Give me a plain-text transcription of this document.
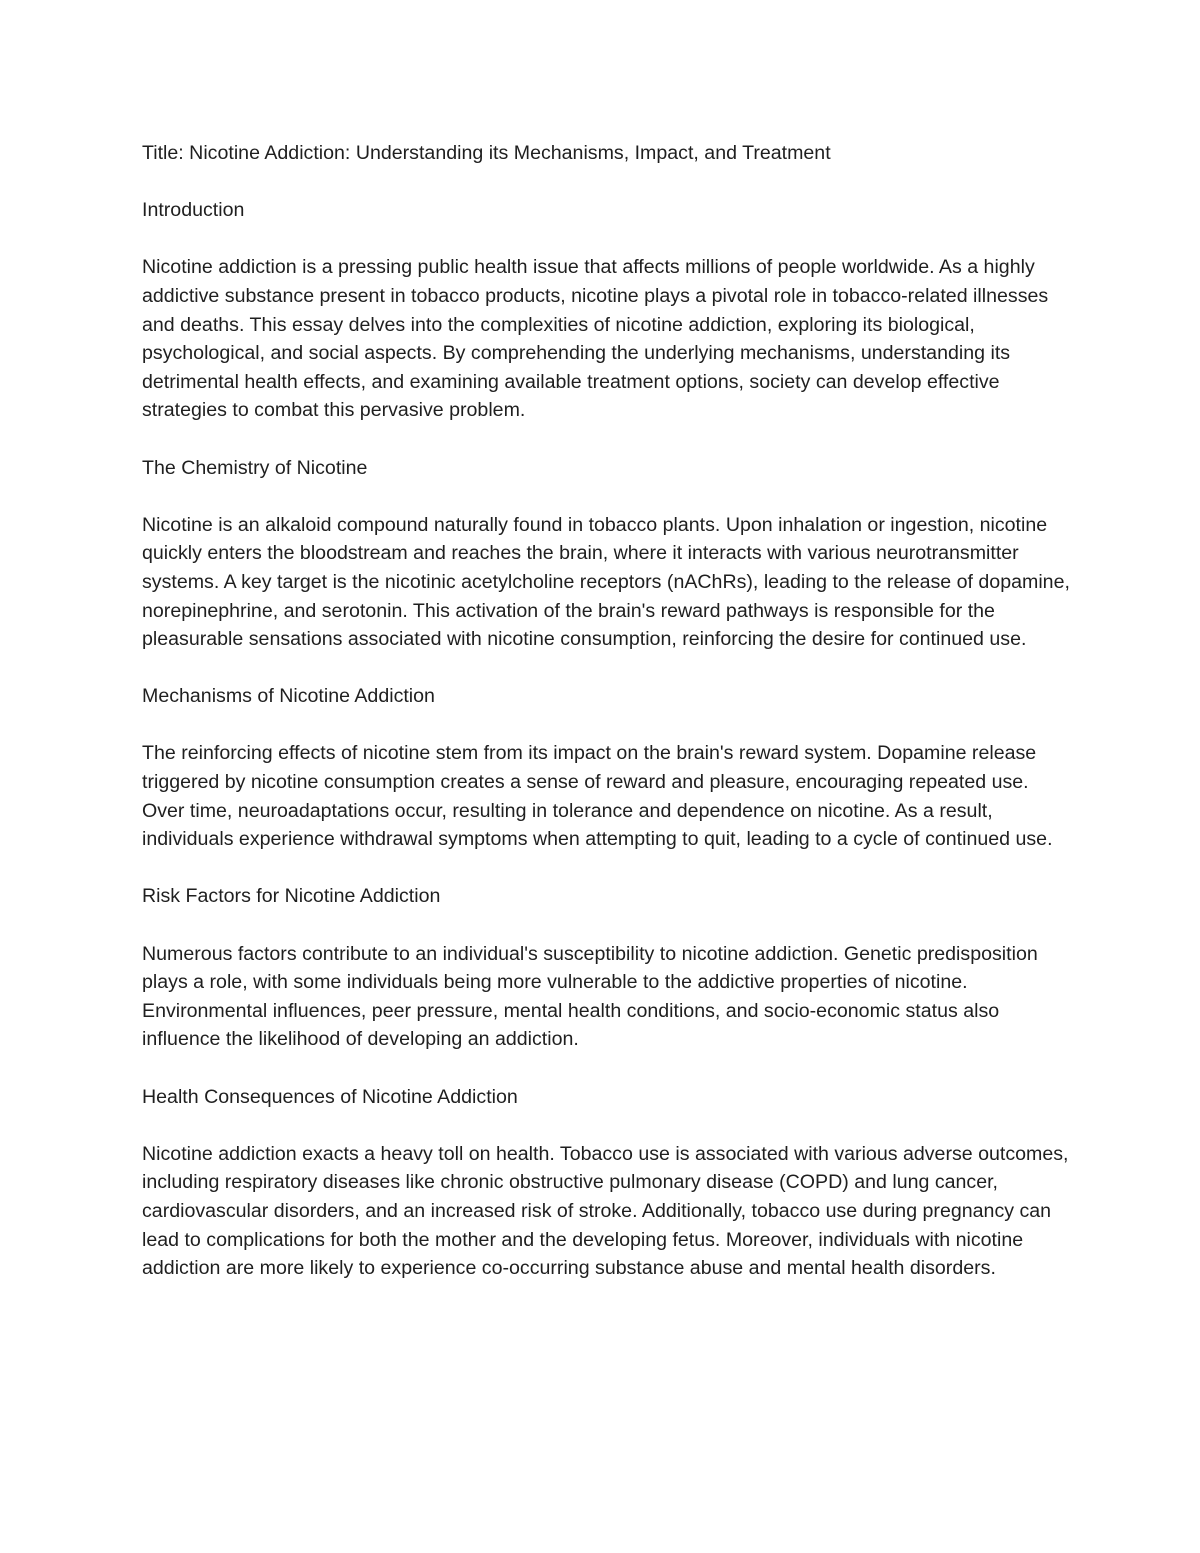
Title: Nicotine Addiction: Understanding its Mechanisms, Impact, and Treatment

Introduction

Nicotine addiction is a pressing public health issue that affects millions of people worldwide. As a highly addictive substance present in tobacco products, nicotine plays a pivotal role in tobacco-related illnesses and deaths. This essay delves into the complexities of nicotine addiction, exploring its biological, psychological, and social aspects. By comprehending the underlying mechanisms, understanding its detrimental health effects, and examining available treatment options, society can develop effective strategies to combat this pervasive problem.

The Chemistry of Nicotine

Nicotine is an alkaloid compound naturally found in tobacco plants. Upon inhalation or ingestion, nicotine quickly enters the bloodstream and reaches the brain, where it interacts with various neurotransmitter systems. A key target is the nicotinic acetylcholine receptors (nAChRs), leading to the release of dopamine, norepinephrine, and serotonin. This activation of the brain's reward pathways is responsible for the pleasurable sensations associated with nicotine consumption, reinforcing the desire for continued use.

Mechanisms of Nicotine Addiction

The reinforcing effects of nicotine stem from its impact on the brain's reward system. Dopamine release triggered by nicotine consumption creates a sense of reward and pleasure, encouraging repeated use. Over time, neuroadaptations occur, resulting in tolerance and dependence on nicotine. As a result, individuals experience withdrawal symptoms when attempting to quit, leading to a cycle of continued use.

Risk Factors for Nicotine Addiction

Numerous factors contribute to an individual's susceptibility to nicotine addiction. Genetic predisposition plays a role, with some individuals being more vulnerable to the addictive properties of nicotine. Environmental influences, peer pressure, mental health conditions, and socio-economic status also influence the likelihood of developing an addiction.

Health Consequences of Nicotine Addiction

Nicotine addiction exacts a heavy toll on health. Tobacco use is associated with various adverse outcomes, including respiratory diseases like chronic obstructive pulmonary disease (COPD) and lung cancer, cardiovascular disorders, and an increased risk of stroke. Additionally, tobacco use during pregnancy can lead to complications for both the mother and the developing fetus. Moreover, individuals with nicotine addiction are more likely to experience co-occurring substance abuse and mental health disorders.
